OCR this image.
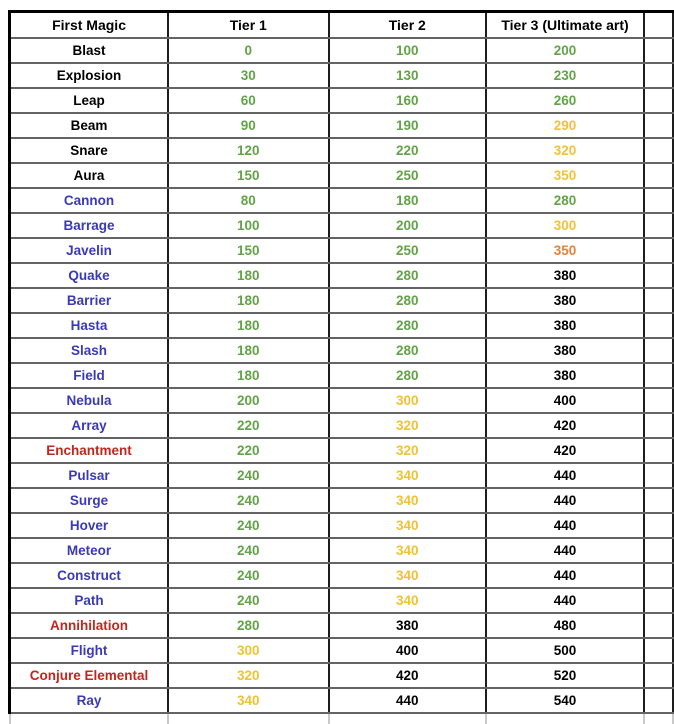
First Magic	Tier 1	Tier 2	Tier 3 (Ultimate art)	
Blast	0	100	200	
Explosion	30	130	230	
Leap	60	160	260	
Beam	90	190	290	
Snare	120	220	320	
Aura	150	250	350	
Cannon	80	180	280	
Barrage	100	200	300	
Javelin	150	250	350	
Quake	180	280	380	
Barrier	180	280	380	
Hasta	180	280	380	
Slash	180	280	380	
Field	180	280	380	
Nebula	200	300	400	
Array	220	320	420	
Enchantment	220	320	420	
Pulsar	240	340	440	
Surge	240	340	440	
Hover	240	340	440	
Meteor	240	340	440	
Construct	240	340	440	
Path	240	340	440	
Annihilation	280	380	480	
Flight	300	400	500	
Conjure Elemental	320	420	520	
Ray	340	440	540	
